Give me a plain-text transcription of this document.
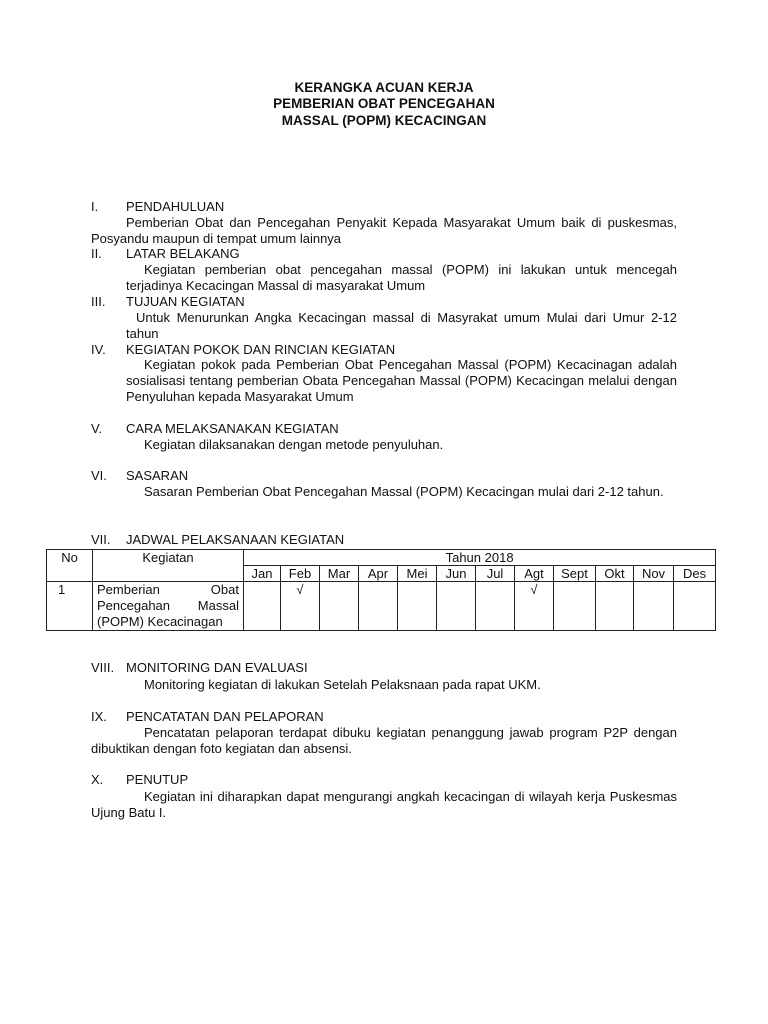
KERANGKA ACUAN KERJA
PEMBERIAN OBAT PENCEGAHAN
MASSAL (POPM) KECACINGAN
I. PENDAHULUAN
Pemberian Obat dan Pencegahan Penyakit Kepada Masyarakat Umum baik di puskesmas, Posyandu maupun di tempat umum lainnya
II. LATAR BELAKANG
Kegiatan pemberian obat pencegahan massal (POPM) ini lakukan untuk mencegah terjadinya Kecacingan Massal di masyarakat Umum
III. TUJUAN KEGIATAN
Untuk Menurunkan Angka Kecacingan massal di Masyrakat umum Mulai dari Umur 2-12 tahun
IV. KEGIATAN POKOK DAN RINCIAN KEGIATAN
Kegiatan pokok pada Pemberian Obat Pencegahan Massal (POPM) Kecacinagan adalah sosialisasi tentang pemberian Obata Pencegahan Massal (POPM) Kecacingan melalui dengan Penyuluhan kepada Masyarakat Umum
V. CARA MELAKSANAKAN KEGIATAN
Kegiatan dilaksanakan dengan metode penyuluhan.
VI. SASARAN
Sasaran Pemberian Obat Pencegahan Massal (POPM) Kecacingan mulai dari 2-12 tahun.
VII. JADWAL PELAKSANAAN KEGIATAN
No	Kegiatan	Tahun 2018											
		Jan	Feb	Mar	Apr	Mei	Jun	Jul	Agt	Sept	Okt	Nov	Des
1	Pemberian Obat
Pencegahan Massal
(POPM) Kecacinagan		√						√				
VIII. MONITORING DAN EVALUASI
Monitoring kegiatan di lakukan Setelah Pelaksnaan pada rapat UKM.
IX. PENCATATAN DAN PELAPORAN
Pencatatan pelaporan terdapat dibuku kegiatan penanggung jawab program P2P dengan dibuktikan dengan foto kegiatan dan absensi.
X. PENUTUP
Kegiatan ini diharapkan dapat mengurangi angkah kecacingan di wilayah kerja Puskesmas Ujung Batu I.
